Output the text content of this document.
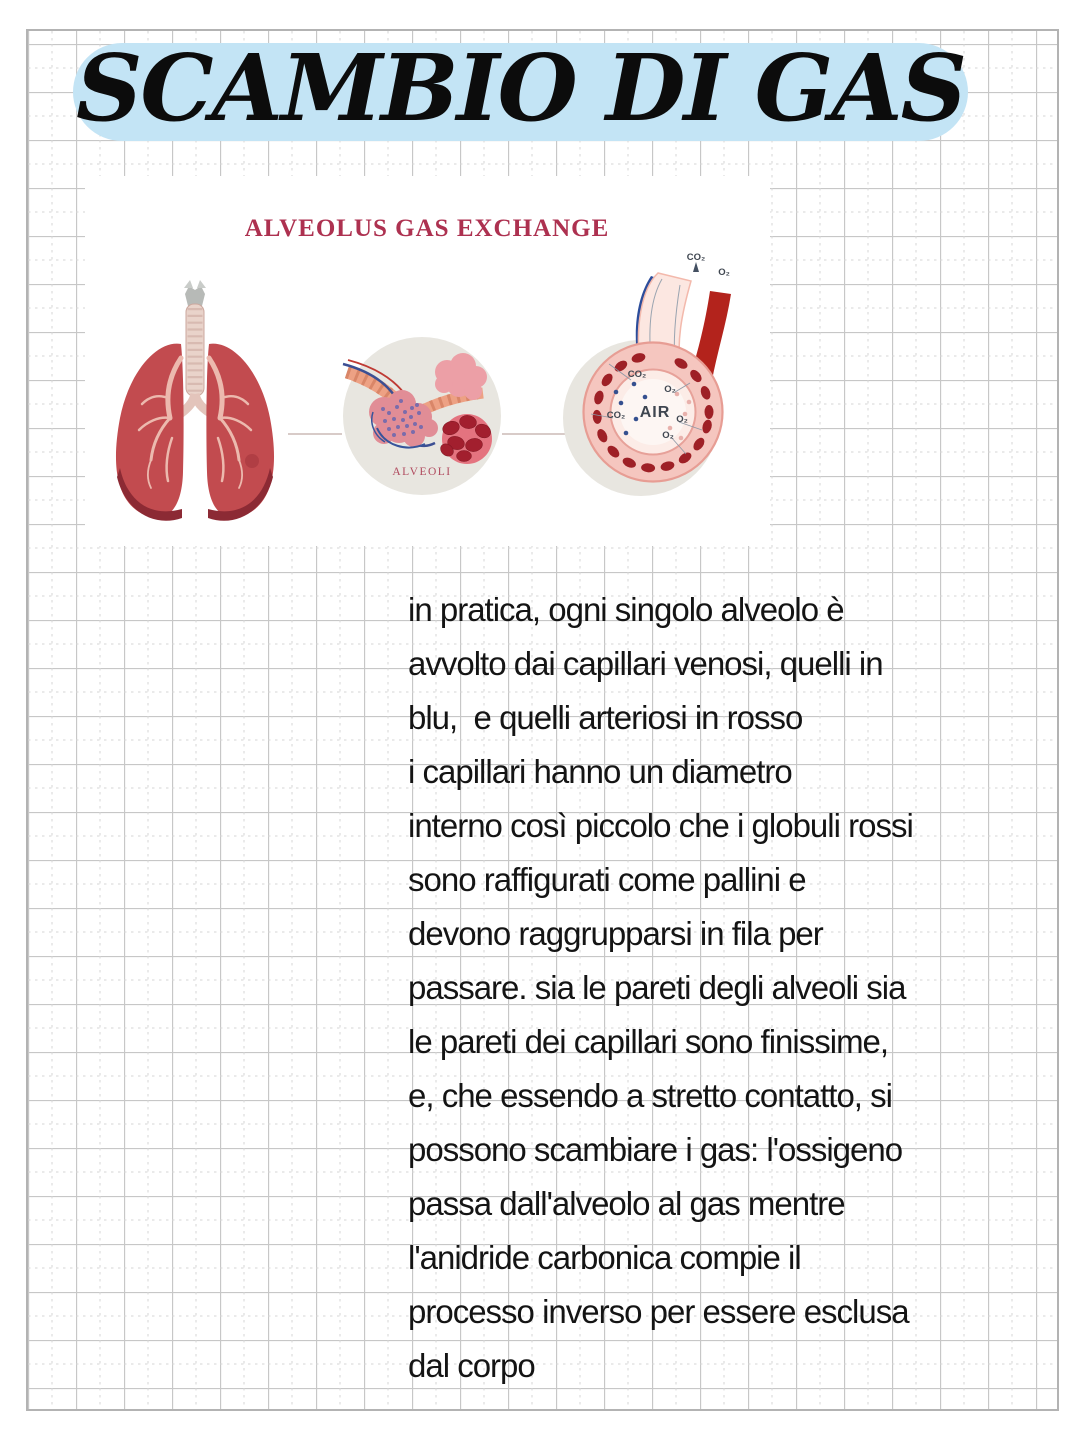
SCAMBIO DI GAS
ALVEOLUS GAS EXCHANGE
ALVEOLI
AIR
CO₂
O₂
CO₂	O₂
O₂
CO₂
O₂
in pratica, ogni singolo alveolo è
avvolto dai capillari venosi, quelli in
blu,  e quelli arteriosi in rosso
i capillari hanno un diametro
interno così piccolo che i globuli rossi
sono raffigurati come pallini e
devono raggrupparsi in fila per
passare. sia le pareti degli alveoli sia
le pareti dei capillari sono finissime,
e, che essendo a stretto contatto, si
possono scambiare i gas: l'ossigeno
passa dall'alveolo al gas mentre
l'anidride carbonica compie il
processo inverso per essere esclusa
dal corpo
